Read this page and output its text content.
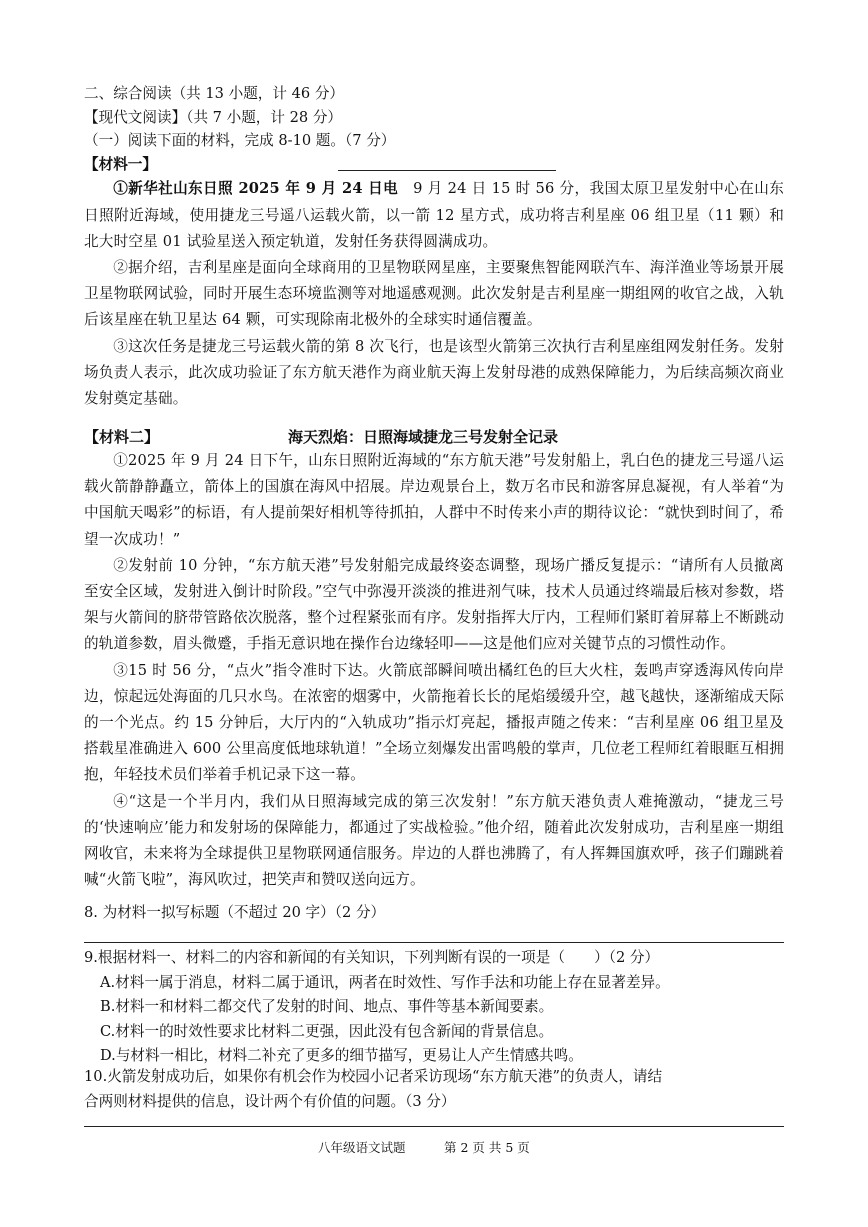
二、综合阅读（共 13 小题，计 46 分）

【现代文阅读】（共 7 小题，计 28 分）

（一）阅读下面的材料，完成 8-10 题。（7 分）

【材料一】

①新华社山东日照 2025 年 9 月 24 日电　9 月 24 日 15 时 56 分，我国太原卫星发射中心在山东日照附近海域，使用捷龙三号遥八运载火箭，以一箭 12 星方式，成功将吉利星座 06 组卫星（11 颗）和北大时空星 01 试验星送入预定轨道，发射任务获得圆满成功。

②据介绍，吉利星座是面向全球商用的卫星物联网星座，主要聚焦智能网联汽车、海洋渔业等场景开展卫星物联网试验，同时开展生态环境监测等对地遥感观测。此次发射是吉利星座一期组网的收官之战，入轨后该星座在轨卫星达 64 颗，可实现除南北极外的全球实时通信覆盖。

③这次任务是捷龙三号运载火箭的第 8 次飞行，也是该型火箭第三次执行吉利星座组网发射任务。发射场负责人表示，此次成功验证了东方航天港作为商业航天海上发射母港的成熟保障能力，为后续高频次商业发射奠定基础。

【材料二】	海天烈焰：日照海域捷龙三号发射全记录

①2025 年 9 月 24 日下午，山东日照附近海域的“东方航天港”号发射船上，乳白色的捷龙三号遥八运载火箭静静矗立，箭体上的国旗在海风中招展。岸边观景台上，数万名市民和游客屏息凝视，有人举着“为中国航天喝彩”的标语，有人提前架好相机等待抓拍，人群中不时传来小声的期待议论：“就快到时间了，希望一次成功！”

②发射前 10 分钟，“东方航天港”号发射船完成最终姿态调整，现场广播反复提示：“请所有人员撤离至安全区域，发射进入倒计时阶段。”空气中弥漫开淡淡的推进剂气味，技术人员通过终端最后核对参数，塔架与火箭间的脐带管路依次脱落，整个过程紧张而有序。发射指挥大厅内，工程师们紧盯着屏幕上不断跳动的轨道参数，眉头微蹙，手指无意识地在操作台边缘轻叩——这是他们应对关键节点的习惯性动作。

③15 时 56 分，“点火”指令准时下达。火箭底部瞬间喷出橘红色的巨大火柱，轰鸣声穿透海风传向岸边，惊起远处海面的几只水鸟。在浓密的烟雾中，火箭拖着长长的尾焰缓缓升空，越飞越快，逐渐缩成天际的一个光点。约 15 分钟后，大厅内的“入轨成功”指示灯亮起，播报声随之传来：“吉利星座 06 组卫星及搭载星准确进入 600 公里高度低地球轨道！”全场立刻爆发出雷鸣般的掌声，几位老工程师红着眼眶互相拥抱，年轻技术员们举着手机记录下这一幕。

④“这是一个半月内，我们从日照海域完成的第三次发射！”东方航天港负责人难掩激动，“捷龙三号的‘快速响应’能力和发射场的保障能力，都通过了实战检验。”他介绍，随着此次发射成功，吉利星座一期组网收官，未来将为全球提供卫星物联网通信服务。岸边的人群也沸腾了，有人挥舞国旗欢呼，孩子们蹦跳着喊“火箭飞啦”，海风吹过，把笑声和赞叹送向远方。

8. 为材料一拟写标题（不超过 20 字）（2 分）

9.根据材料一、材料二的内容和新闻的有关知识，下列判断有误的一项是（　　）（2 分）

A.材料一属于消息，材料二属于通讯，两者在时效性、写作手法和功能上存在显著差异。

B.材料一和材料二都交代了发射的时间、地点、事件等基本新闻要素。

C.材料一的时效性要求比材料二更强，因此没有包含新闻的背景信息。

D.与材料一相比，材料二补充了更多的细节描写，更易让人产生情感共鸣。

10.火箭发射成功后，如果你有机会作为校园小记者采访现场“东方航天港”的负责人，请结

合两则材料提供的信息，设计两个有价值的问题。（3 分）

八年级语文试题	第 2 页 共 5 页
